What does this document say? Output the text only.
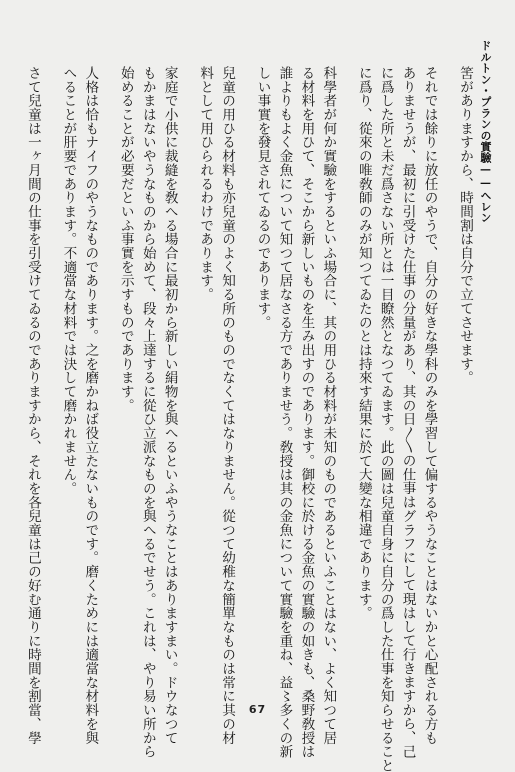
ドルトン・プランの實驗——ヘレン

筈がありますから、時間割は自分で立てさせます。

それでは餘りに放任のやうで、自分の好きな學科のみを學習して偏するやうなことはないかと心配される方も

ありませうが、最初に引受けた仕事の分量があり、其の日〳〵の仕事はグラフにして現はして行きますから、己

に爲した所と未だ爲さない所とは一目瞭然となつてゐます。此の圖は兒童自身に自分の爲した仕事を知らせること

に爲り、從來の唯敎師のみが知つてゐたのとは持來す結果に於て大變な相違であります。

科學者が何か實驗をするといふ場合に、其の用ひる材料が未知のものであるといふことはない、よく知つて居

る材料を用ひて、そこから新しいものを生み出すのであります。御校に於ける金魚の實驗の如きも、桑野敎授は

誰よりもよく金魚について知つて居なさる方でありませう。敎授は其の金魚について實驗を重ね、益〻多くの新

しい事實を發見されてゐるのであります。

兒童の用ひる材料も亦兒童のよく知る所のものでなくてはなりません。從つて幼稚な簡單なものは常に其の材

料として用ひられるわけであります。

家庭で小供に裁縫を敎へる場合に最初から新しい絹物を與へるといふやうなことはありますまい。ドウなつて

もかまはないやうなものから始めて、段々上達するに從ひ立派なものを與へるでせう。これは、やり易い所から

始めることが必要だといふ事實を示すものであります。

人格は恰もナイフのやうなものであります。之を磨かねば役立たないものです。磨くためには適當な材料を與

へることが肝要であります。不適當な材料では決して磨かれません。

さて兒童は一ヶ月間の仕事を引受けてゐるのでありますから、それを各兒童は己の好む通りに時間を割當、學	67
